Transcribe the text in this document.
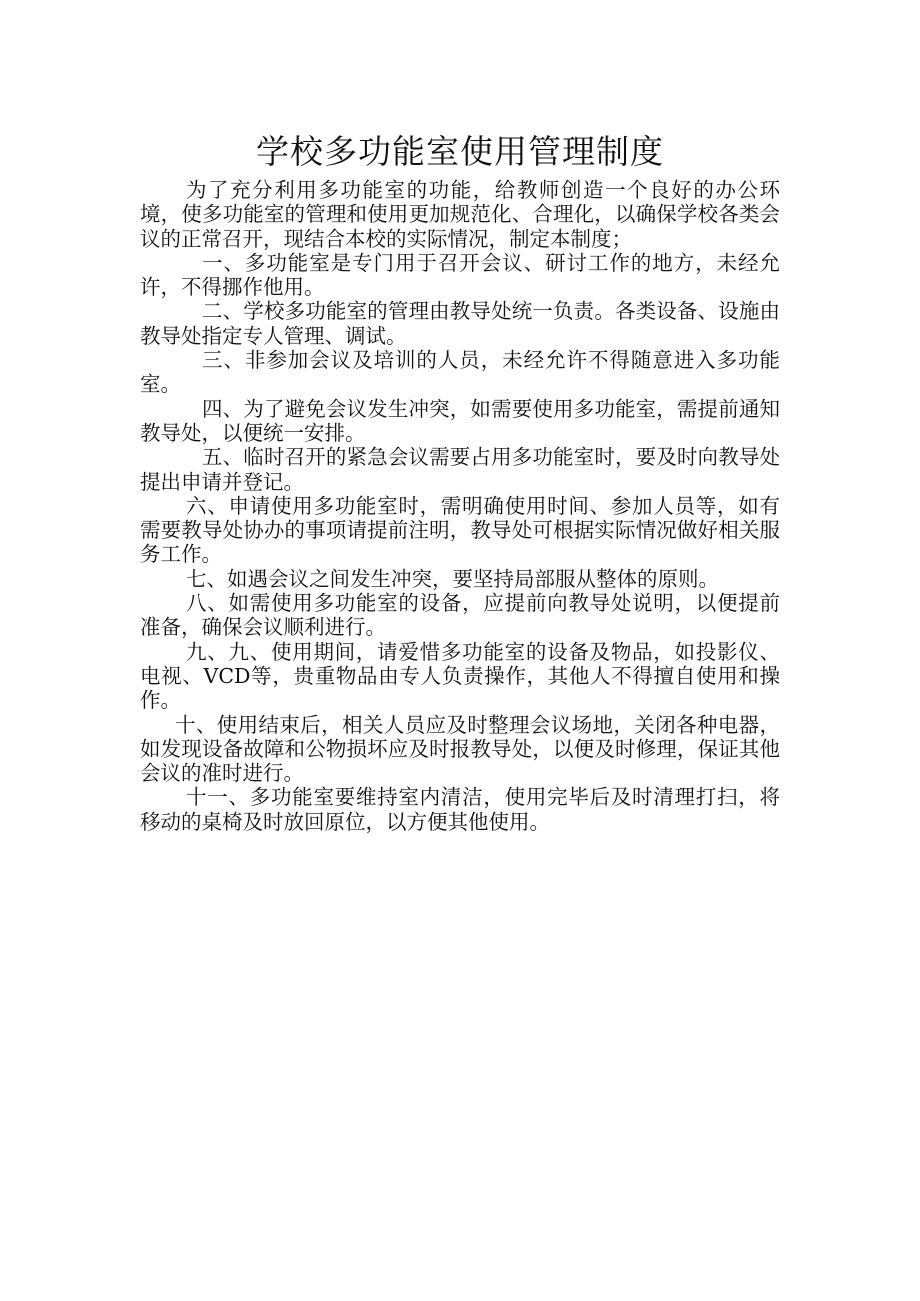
学校多功能室使用管理制度

为了充分利用多功能室的功能，给教师创造一个良好的办公环境，使多功能室的管理和使用更加规范化、合理化，以确保学校各类会议的正常召开，现结合本校的实际情况，制定本制度；

一、多功能室是专门用于召开会议、研讨工作的地方，未经允许，不得挪作他用。

二、学校多功能室的管理由教导处统一负责。各类设备、设施由教导处指定专人管理、调试。

三、非参加会议及培训的人员，未经允许不得随意进入多功能室。

四、为了避免会议发生冲突，如需要使用多功能室，需提前通知教导处，以便统一安排。

五、临时召开的紧急会议需要占用多功能室时，要及时向教导处提出申请并登记。

六、申请使用多功能室时，需明确使用时间、参加人员等，如有需要教导处协办的事项请提前注明，教导处可根据实际情况做好相关服务工作。

七、如遇会议之间发生冲突，要坚持局部服从整体的原则。

八、如需使用多功能室的设备，应提前向教导处说明，以便提前准备，确保会议顺利进行。

九、九、使用期间，请爱惜多功能室的设备及物品，如投影仪、电视、VCD等，贵重物品由专人负责操作，其他人不得擅自使用和操作。

十、使用结束后，相关人员应及时整理会议场地，关闭各种电器，如发现设备故障和公物损坏应及时报教导处，以便及时修理，保证其他会议的准时进行。

十一、多功能室要维持室内清洁，使用完毕后及时清理打扫，将移动的桌椅及时放回原位，以方便其他使用。
